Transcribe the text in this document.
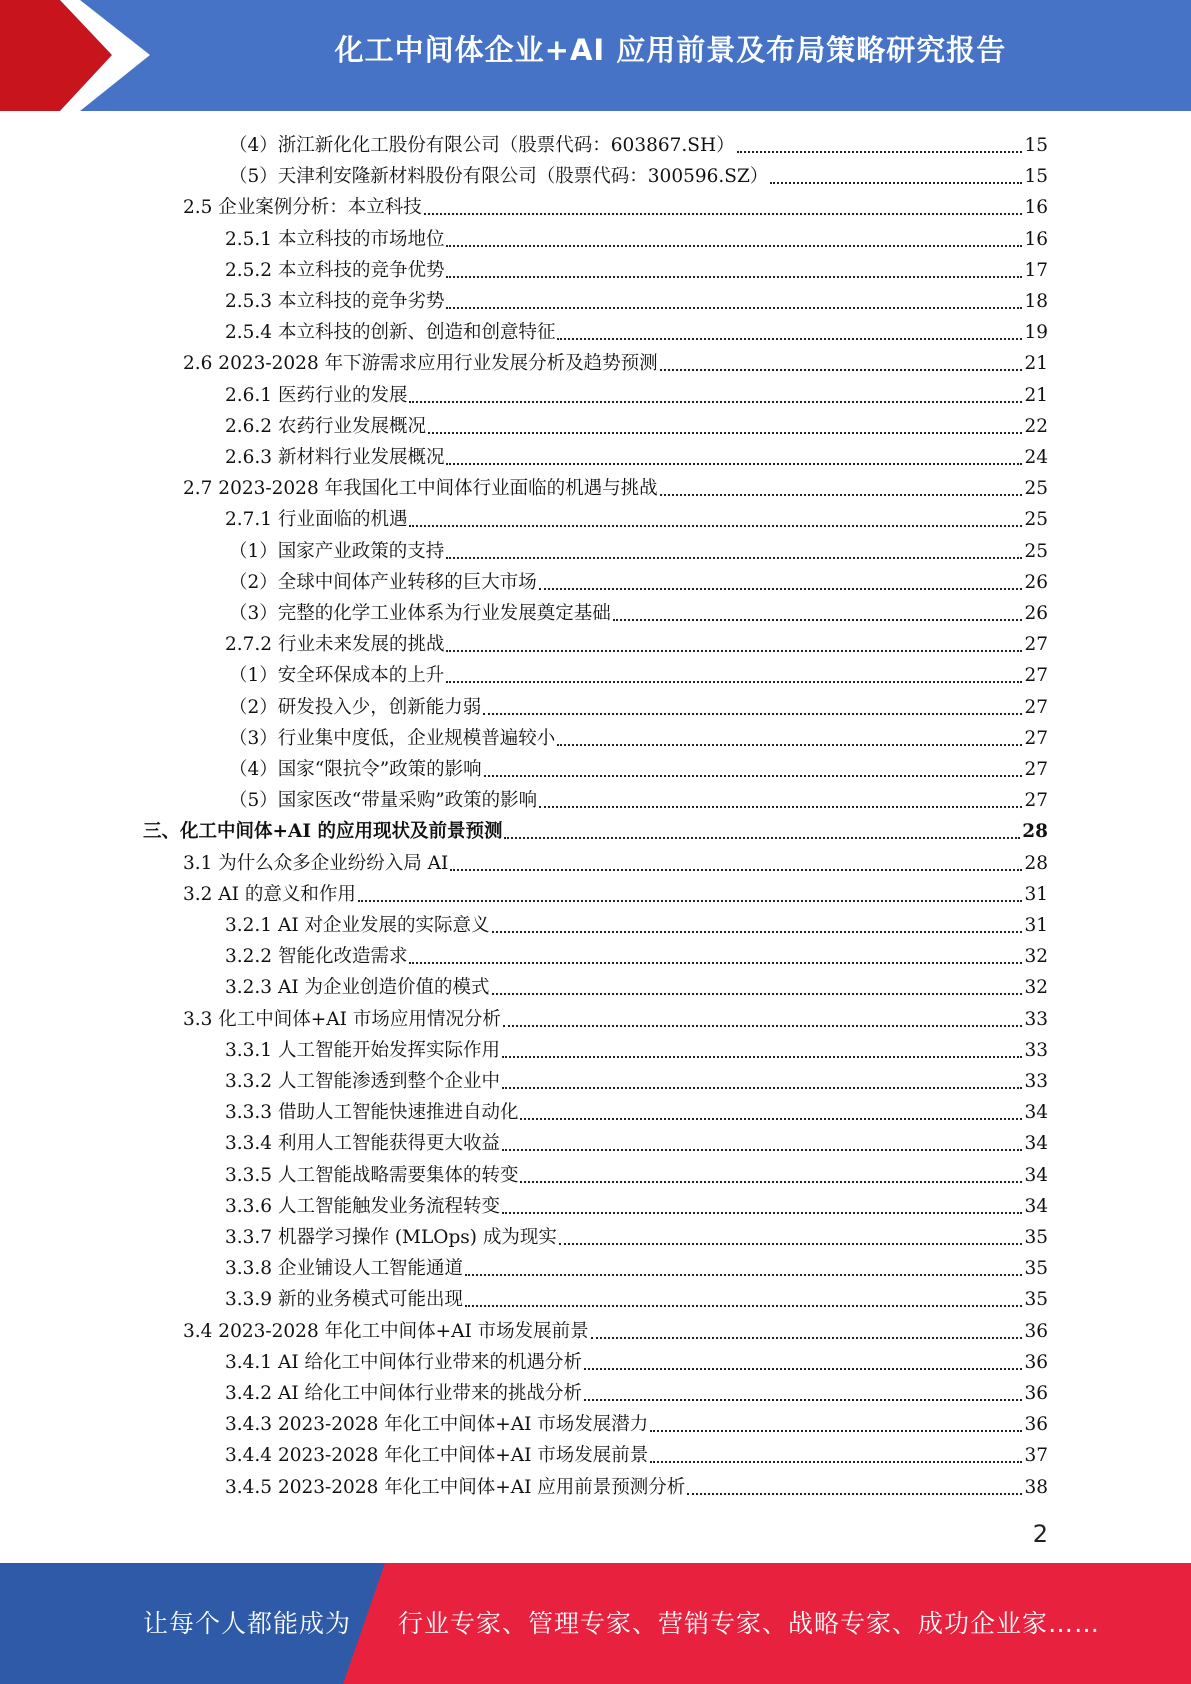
化工中间体企业+AI 应用前景及布局策略研究报告
（4）浙江新化化工股份有限公司（股票代码：603867.SH）	15
（5）天津利安隆新材料股份有限公司（股票代码：300596.SZ）	15
2.5 企业案例分析：本立科技	16
2.5.1 本立科技的市场地位	16
2.5.2 本立科技的竞争优势	17
2.5.3 本立科技的竞争劣势	18
2.5.4 本立科技的创新、创造和创意特征	19
2.6 2023-2028 年下游需求应用行业发展分析及趋势预测	21
2.6.1 医药行业的发展	21
2.6.2 农药行业发展概况	22
2.6.3 新材料行业发展概况	24
2.7 2023-2028 年我国化工中间体行业面临的机遇与挑战	25
2.7.1 行业面临的机遇	25
（1）国家产业政策的支持	25
（2）全球中间体产业转移的巨大市场	26
（3）完整的化学工业体系为行业发展奠定基础	26
2.7.2 行业未来发展的挑战	27
（1）安全环保成本的上升	27
（2）研发投入少，创新能力弱	27
（3）行业集中度低，企业规模普遍较小	27
（4）国家“限抗令”政策的影响	27
（5）国家医改“带量采购”政策的影响	27
三、化工中间体+AI 的应用现状及前景预测	28
3.1 为什么众多企业纷纷入局 AI	28
3.2 AI 的意义和作用	31
3.2.1 AI 对企业发展的实际意义	31
3.2.2 智能化改造需求	32
3.2.3 AI 为企业创造价值的模式	32
3.3 化工中间体+AI 市场应用情况分析	33
3.3.1 人工智能开始发挥实际作用	33
3.3.2 人工智能渗透到整个企业中	33
3.3.3 借助人工智能快速推进自动化	34
3.3.4 利用人工智能获得更大收益	34
3.3.5 人工智能战略需要集体的转变	34
3.3.6 人工智能触发业务流程转变	34
3.3.7 机器学习操作 (MLOps) 成为现实	35
3.3.8 企业铺设人工智能通道	35
3.3.9 新的业务模式可能出现	35
3.4 2023-2028 年化工中间体+AI 市场发展前景	36
3.4.1 AI 给化工中间体行业带来的机遇分析	36
3.4.2 AI 给化工中间体行业带来的挑战分析	36
3.4.3 2023-2028 年化工中间体+AI 市场发展潜力	36
3.4.4 2023-2028 年化工中间体+AI 市场发展前景	37
3.4.5 2023-2028 年化工中间体+AI 应用前景预测分析	38
2
让每个人都能成为 行业专家、管理专家、营销专家、战略专家、成功企业家……
